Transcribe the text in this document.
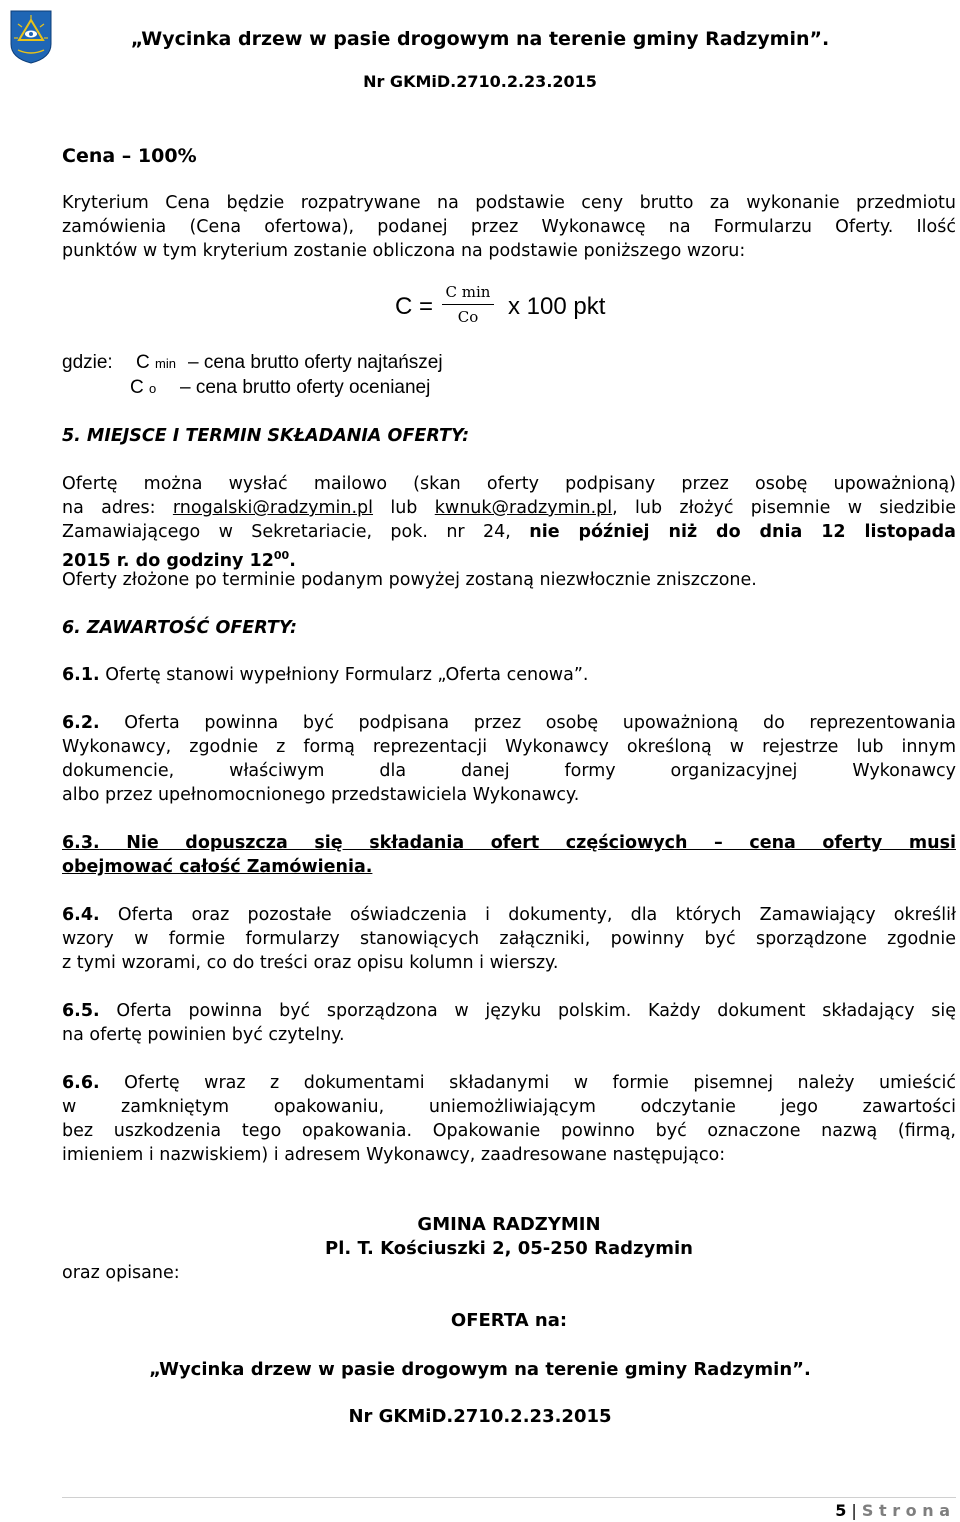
„Wycinka drzew w pasie drogowym na terenie gminy Radzymin”.
Nr GKMiD.2710.2.23.2015
Cena – 100%
Kryterium Cena będzie rozpatrywane na podstawie ceny brutto za wykonanie przedmiotu
zamówienia (Cena ofertowa), podanej przez Wykonawcę na Formularzu Oferty. Ilość
punktów w tym kryterium zostanie obliczona na podstawie poniższego wzoru:
C =
C min
Co	x 100 pkt
gdzie: C min – cena brutto oferty najtańszej
C o – cena brutto oferty ocenianej
5. MIEJSCE I TERMIN SKŁADANIA OFERTY:
Ofertę można wysłać mailowo (skan oferty podpisany przez osobę upoważnioną)
na adres: rnogalski@radzymin.pl lub kwnuk@radzymin.pl, lub złożyć pisemnie w siedzibie
Zamawiającego w Sekretariacie, pok. nr 24, nie później niż do dnia 12 listopada
2015 r. do godziny $12^{00}$.
Oferty złożone po terminie podanym powyżej zostaną niezwłocznie zniszczone.
6. ZAWARTOŚĆ OFERTY:
6.1. Ofertę stanowi wypełniony Formularz „Oferta cenowa”.
6.2. Oferta powinna być podpisana przez osobę upoważnioną do reprezentowania
Wykonawcy, zgodnie z formą reprezentacji Wykonawcy określoną w rejestrze lub innym
dokumencie, właściwym dla danej formy organizacyjnej Wykonawcy
albo przez upełnomocnionego przedstawiciela Wykonawcy.
6.3. Nie dopuszcza się składania ofert częściowych – cena oferty musi
obejmować całość Zamówienia.
6.4. Oferta oraz pozostałe oświadczenia i dokumenty, dla których Zamawiający określił
wzory w formie formularzy stanowiących załączniki, powinny być sporządzone zgodnie
z tymi wzorami, co do treści oraz opisu kolumn i wierszy.
6.5. Oferta powinna być sporządzona w języku polskim. Każdy dokument składający się
na ofertę powinien być czytelny.
6.6. Ofertę wraz z dokumentami składanymi w formie pisemnej należy umieścić
w zamkniętym opakowaniu, uniemożliwiającym odczytanie jego zawartości
bez uszkodzenia tego opakowania. Opakowanie powinno być oznaczone nazwą (firmą,
imieniem i nazwiskiem) i adresem Wykonawcy, zaadresowane następująco:
GMINA RADZYMIN
Pl. T. Kościuszki 2, 05-250 Radzymin
oraz opisane:
OFERTA na:
„Wycinka drzew w pasie drogowym na terenie gminy Radzymin”.
Nr GKMiD.2710.2.23.2015
5 | S t r o n a
